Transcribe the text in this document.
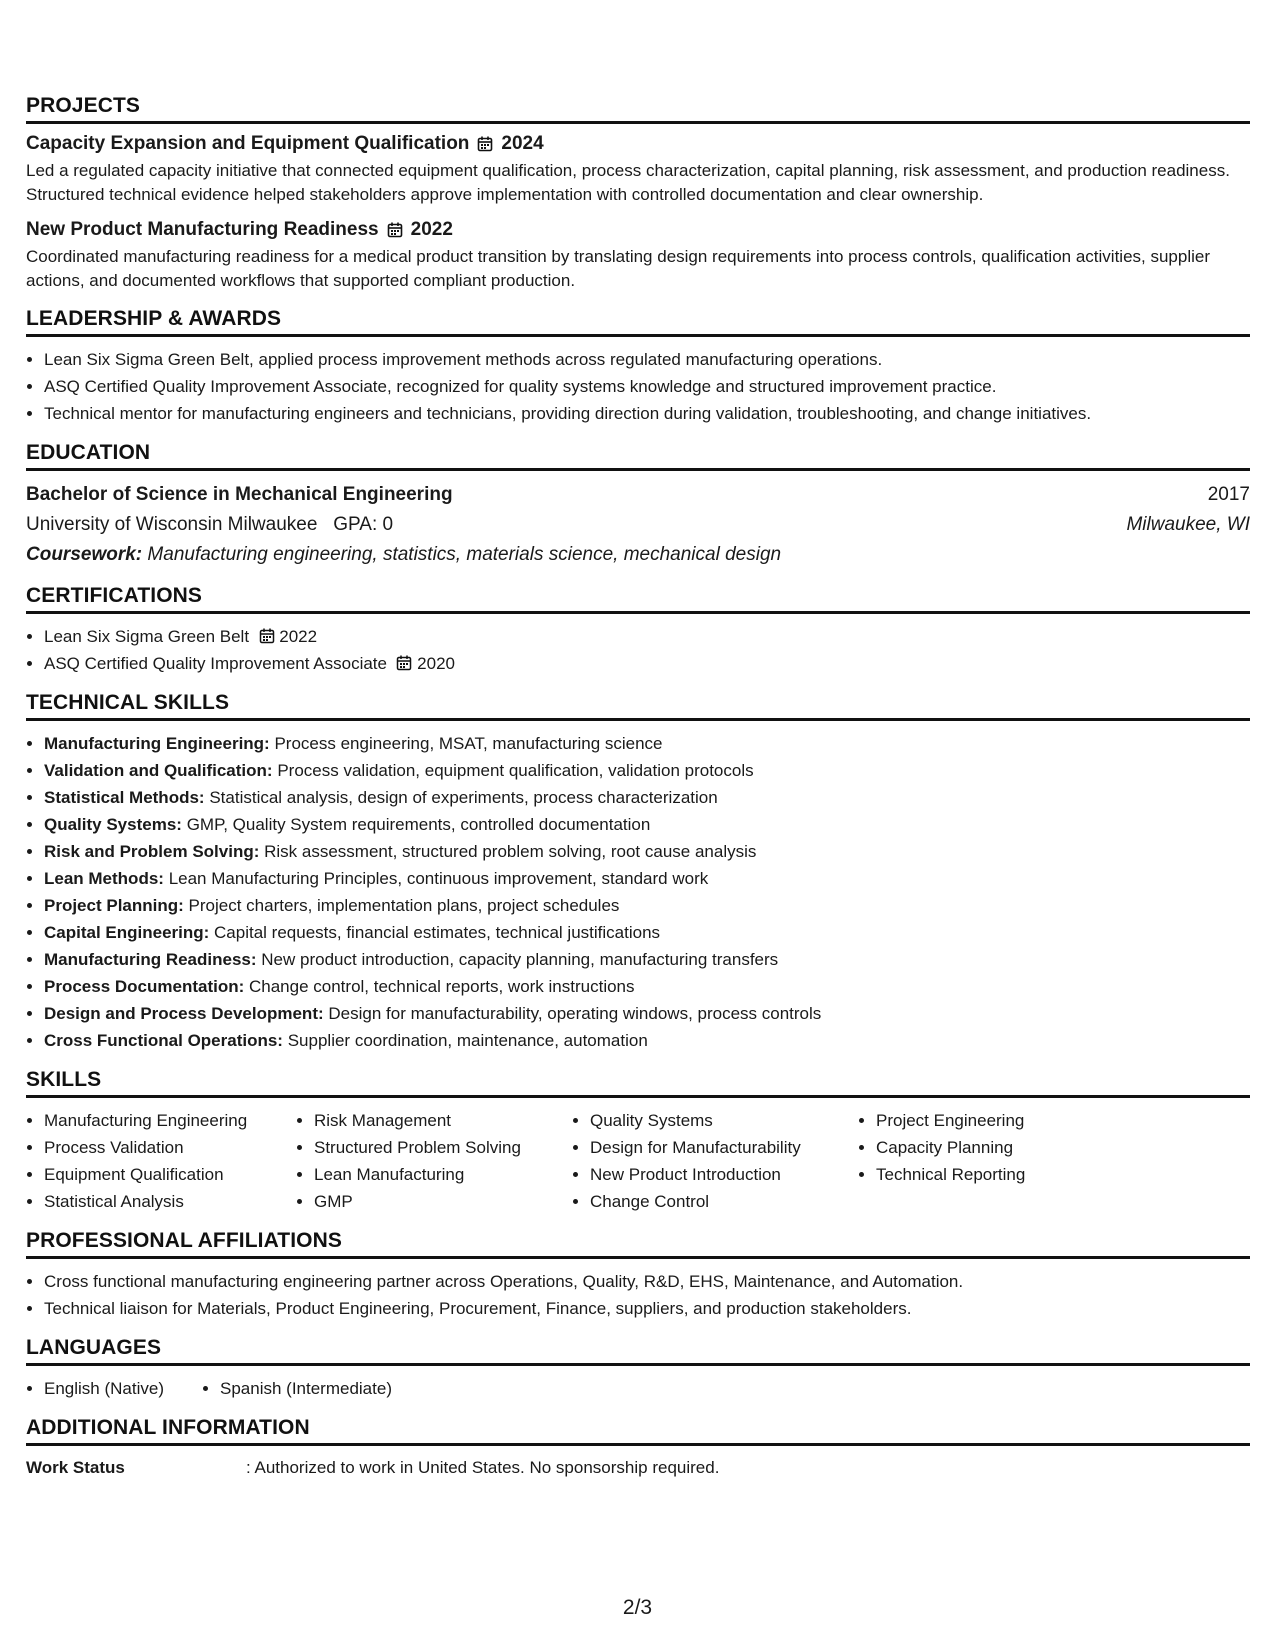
PROJECTS
Capacity Expansion and Equipment Qualification 2024
Led a regulated capacity initiative that connected equipment qualification, process characterization, capital planning, risk assessment, and production readiness. Structured technical evidence helped stakeholders approve implementation with controlled documentation and clear ownership.
New Product Manufacturing Readiness 2022
Coordinated manufacturing readiness for a medical product transition by translating design requirements into process controls, qualification activities, supplier actions, and documented workflows that supported compliant production.
LEADERSHIP & AWARDS
• Lean Six Sigma Green Belt, applied process improvement methods across regulated manufacturing operations.
• ASQ Certified Quality Improvement Associate, recognized for quality systems knowledge and structured improvement practice.
• Technical mentor for manufacturing engineers and technicians, providing direction during validation, troubleshooting, and change initiatives.
EDUCATION
Bachelor of Science in Mechanical Engineering	2017
University of Wisconsin Milwaukee GPA: 0	Milwaukee, WI
Coursework: Manufacturing engineering, statistics, materials science, mechanical design
CERTIFICATIONS
• Lean Six Sigma Green Belt 2022
• ASQ Certified Quality Improvement Associate 2020
TECHNICAL SKILLS
• Manufacturing Engineering: Process engineering, MSAT, manufacturing science
• Validation and Qualification: Process validation, equipment qualification, validation protocols
• Statistical Methods: Statistical analysis, design of experiments, process characterization
• Quality Systems: GMP, Quality System requirements, controlled documentation
• Risk and Problem Solving: Risk assessment, structured problem solving, root cause analysis
• Lean Methods: Lean Manufacturing Principles, continuous improvement, standard work
• Project Planning: Project charters, implementation plans, project schedules
• Capital Engineering: Capital requests, financial estimates, technical justifications
• Manufacturing Readiness: New product introduction, capacity planning, manufacturing transfers
• Process Documentation: Change control, technical reports, work instructions
• Design and Process Development: Design for manufacturability, operating windows, process controls
• Cross Functional Operations: Supplier coordination, maintenance, automation
SKILLS
• Manufacturing Engineering
• Process Validation
• Equipment Qualification
• Statistical Analysis
• Risk Management
• Structured Problem Solving
• Lean Manufacturing
• GMP
• Quality Systems
• Design for Manufacturability
• New Product Introduction
• Change Control
• Project Engineering
• Capacity Planning
• Technical Reporting
PROFESSIONAL AFFILIATIONS
• Cross functional manufacturing engineering partner across Operations, Quality, R&D, EHS, Maintenance, and Automation.
• Technical liaison for Materials, Product Engineering, Procurement, Finance, suppliers, and production stakeholders.
LANGUAGES
• English (Native)
•	Spanish (Intermediate)
ADDITIONAL INFORMATION
Work Status	: Authorized to work in United States. No sponsorship required.
2/3
